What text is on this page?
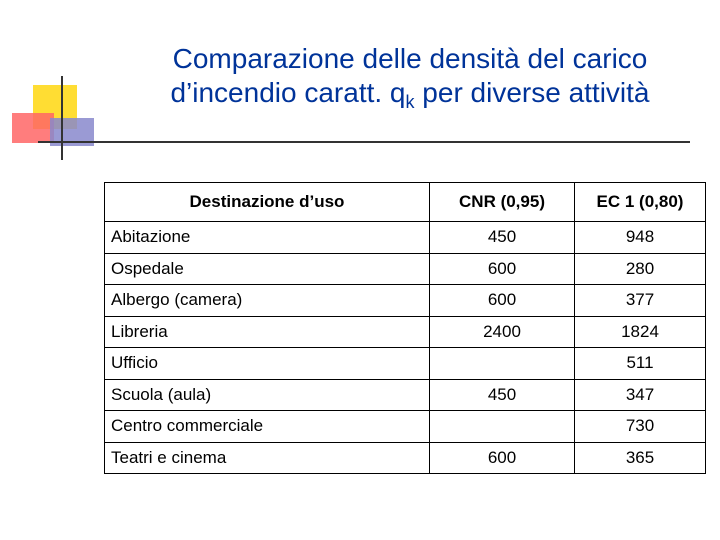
Comparazione delle densità del carico
d’incendio caratt. $q_k$ per diverse attività
Destinazione d’uso	CNR (0,95)	EC 1 (0,80)
Abitazione	450	948
Ospedale	600	280
Albergo (camera)	600	377
Libreria	2400	1824
Ufficio		511
Scuola (aula)	450	347
Centro commerciale		730
Teatri e cinema	600	365
